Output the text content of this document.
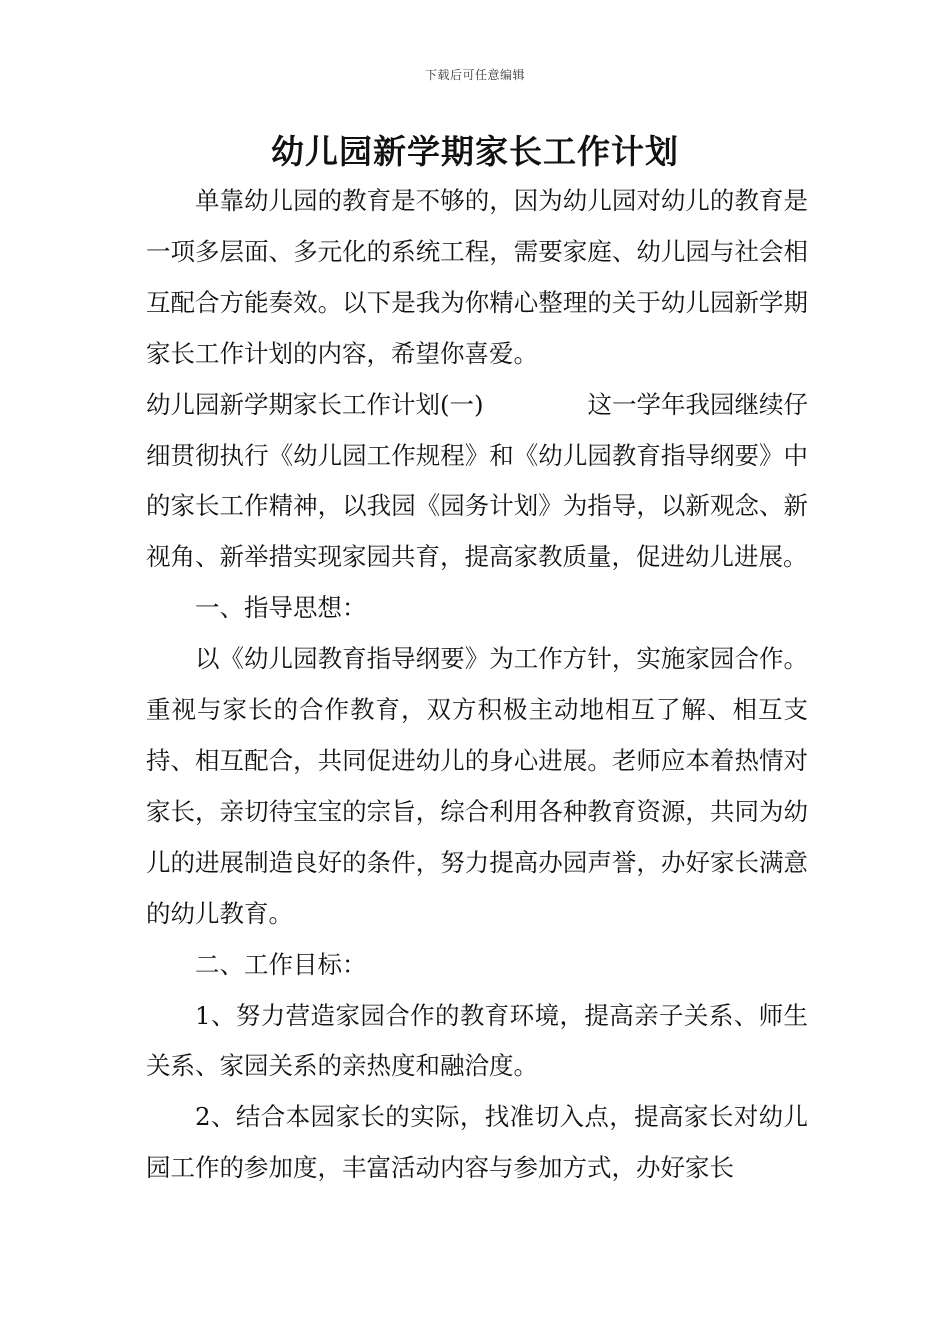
下载后可任意编辑
幼儿园新学期家长工作计划

单靠幼儿园的教育是不够的，因为幼儿园对幼儿的教育是一项多层面、多元化的系统工程，需要家庭、幼儿园与社会相互配合方能奏效。以下是我为你精心整理的关于幼儿园新学期家长工作计划的内容，希望你喜爱。

幼儿园新学期家长工作计划(一)	这一学年我园继续仔

细贯彻执行《幼儿园工作规程》和《幼儿园教育指导纲要》中的家长工作精神，以我园《园务计划》为指导，以新观念、新视角、新举措实现家园共育，提高家教质量，促进幼儿进展。

一、指导思想：

以《幼儿园教育指导纲要》为工作方针，实施家园合作。重视与家长的合作教育，双方积极主动地相互了解、相互支持、相互配合，共同促进幼儿的身心进展。老师应本着热情对家长，亲切待宝宝的宗旨，综合利用各种教育资源，共同为幼儿的进展制造良好的条件，努力提高办园声誉，办好家长满意的幼儿教育。

二、工作目标：

1、努力营造家园合作的教育环境，提高亲子关系、师生关系、家园关系的亲热度和融洽度。

2、结合本园家长的实际，找准切入点，提高家长对幼儿园工作的参加度，丰富活动内容与参加方式，办好家长
